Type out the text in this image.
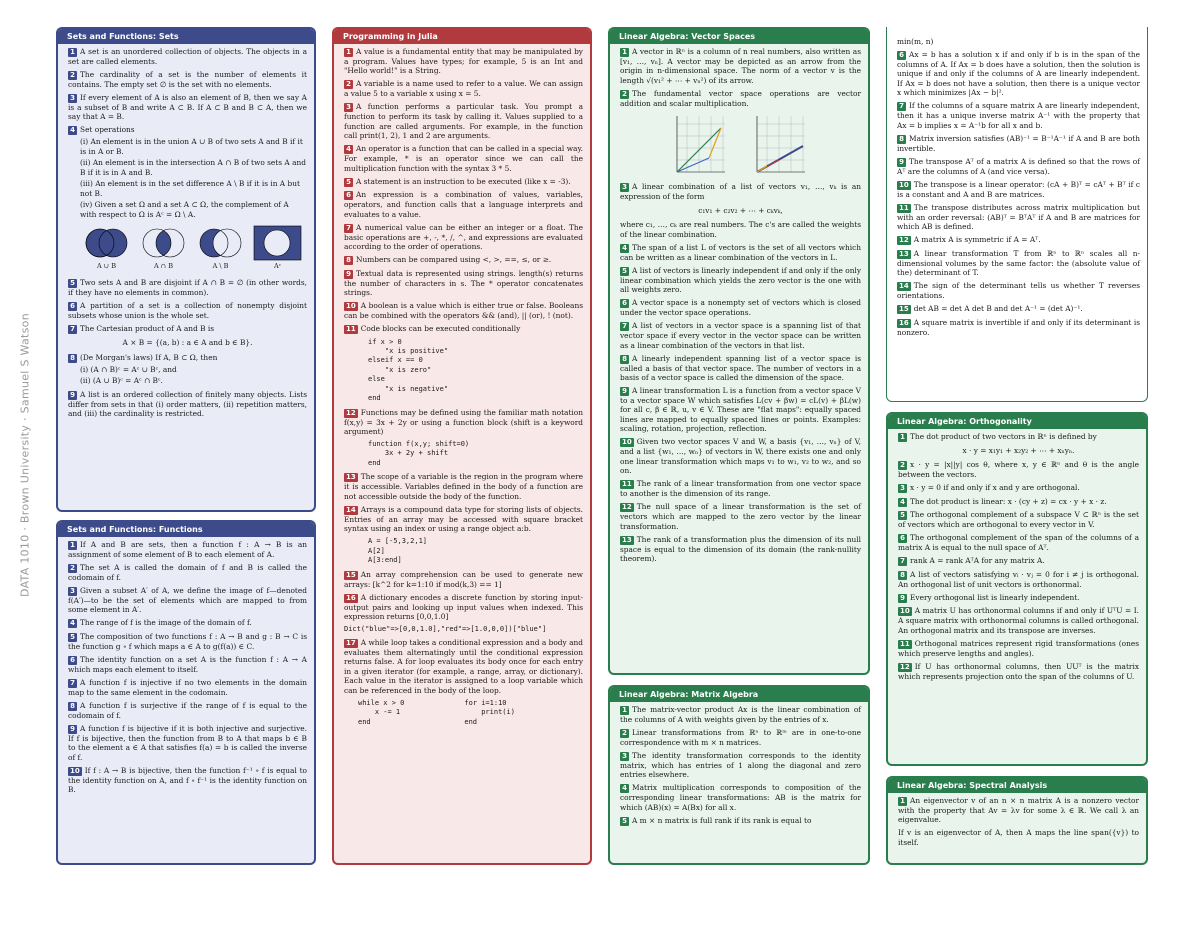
DATA 1010 · Brown University · Samuel S Watson
Sets and Functions: Sets
1 A set is an unordered collection of objects. The objects in a set are called elements.
2 The cardinality of a set is the number of elements it contains. The empty set ∅ is the set with no elements.
3 If every element of A is also an element of B, then we say A is a subset of B and write A ⊂ B. If A ⊂ B and B ⊂ A, then we say that A = B.
4 Set operations
(i) An element is in the union A ∪ B of two sets A and B if it is in A or B.
(ii) An element is in the intersection A ∩ B of two sets A and B if it is in A and B.
(iii) An element is in the set difference A \ B if it is in A but not B.
(iv) Given a set Ω and a set A ⊂ Ω, the complement of A with respect to Ω is Aᶜ = Ω \ A.
A ∪ B	A ∩ B	A \ B	Aᶜ
5 Two sets A and B are disjoint if A ∩ B = ∅ (in other words, if they have no elements in common).
6 A partition of a set is a collection of nonempty disjoint subsets whose union is the whole set.
7 The Cartesian product of A and B is
A × B = {(a, b) : a ∈ A and b ∈ B}.
8 (De Morgan's laws) If A, B ⊂ Ω, then
(i) (A ∩ B)ᶜ = Aᶜ ∪ Bᶜ, and
(ii) (A ∪ B)ᶜ = Aᶜ ∩ Bᶜ.
9 A list is an ordered collection of finitely many objects. Lists differ from sets in that (i) order matters, (ii) repetition matters, and (iii) the cardinality is restricted.
Sets and Functions: Functions
1 If A and B are sets, then a function f : A → B is an assignment of some element of B to each element of A.
2 The set A is called the domain of f and B is called the codomain of f.
3 Given a subset A′ of A, we define the image of f—denoted f(A′)—to be the set of elements which are mapped to from some element in A′.
4 The range of f is the image of the domain of f.
5 The composition of two functions f : A → B and g : B → C is the function g ∘ f which maps a ∈ A to g(f(a)) ∈ C.
6 The identity function on a set A is the function f : A → A which maps each element to itself.
7 A function f is injective if no two elements in the domain map to the same element in the codomain.
8 A function f is surjective if the range of f is equal to the codomain of f.
9 A function f is bijective if it is both injective and surjective. If f is bijective, then the function from B to A that maps b ∈ B to the element a ∈ A that satisfies f(a) = b is called the inverse of f.
10 If f : A → B is bijective, then the function f⁻¹ ∘ f is equal to the identity function on A, and f ∘ f⁻¹ is the identity function on B.
Programming in Julia
1 A value is a fundamental entity that may be manipulated by a program. Values have types; for example, 5 is an Int and "Hello world!" is a String.
2 A variable is a name used to refer to a value. We can assign a value 5 to a variable x using x = 5.
3 A function performs a particular task. You prompt a function to perform its task by calling it. Values supplied to a function are called arguments. For example, in the function call print(1, 2), 1 and 2 are arguments.
4 An operator is a function that can be called in a special way. For example, * is an operator since we can call the multiplication function with the syntax 3 * 5.
5 A statement is an instruction to be executed (like x = -3).
6 An expression is a combination of values, variables, operators, and function calls that a language interprets and evaluates to a value.
7 A numerical value can be either an integer or a float. The basic operations are +, -, *, /, ^, and expressions are evaluated according to the order of operations.
8 Numbers can be compared using <, >, ==, ≤, or ≥.
9 Textual data is represented using strings. length(s) returns the number of characters in s. The * operator concatenates strings.
10 A boolean is a value which is either true or false. Booleans can be combined with the operators && (and), || (or), ! (not).
11 Code blocks can be executed conditionally
if x > 0
"x is positive"
elseif x == 0
"x is zero"
else
"x is negative"
end
12 Functions may be defined using the familiar math notation f(x,y) = 3x + 2y or using a function block (shift is a keyword argument)
function f(x,y; shift=0)
3x + 2y + shift
end
13 The scope of a variable is the region in the program where it is accessible. Variables defined in the body of a function are not accessible outside the body of the function.
14 Arrays is a compound data type for storing lists of objects. Entries of an array may be accessed with square bracket syntax using an index or using a range object a:b.
A = [-5,3,2,1]
A[2]
A[3:end]
15 An array comprehension can be used to generate new arrays: [k^2 for k=1:10 if mod(k,3) == 1]
16 A dictionary encodes a discrete function by storing input-output pairs and looking up input values when indexed. This expression returns [0,0,1.0]
Dict("blue"=>[0,0,1.0],"red"=>[1.0,0,0])["blue"]
17 A while loop takes a conditional expression and a body and evaluates them alternatingly until the conditional expression returns false. A for loop evaluates its body once for each entry in a given iterator (for example, a range, array, or dictionary). Each value in the iterator is assigned to a loop variable which can be referenced in the body of the loop.
while x > 0
x -= 1
end
for i=1:10
print(i)
end
Linear Algebra: Vector Spaces
1 A vector in ℝⁿ is a column of n real numbers, also written as [v₁, …, vₙ]. A vector may be depicted as an arrow from the origin in n-dimensional space. The norm of a vector v is the length √(v₁² + ⋯ + vₙ²) of its arrow.
2 The fundamental vector space operations are vector addition and scalar multiplication.
3 A linear combination of a list of vectors v₁, …, vₖ is an expression of the form
c₁v₁ + c₂v₂ + ⋯ + cₖvₖ,
where c₁, …, cₖ are real numbers. The c's are called the weights of the linear combination.
4 The span of a list L of vectors is the set of all vectors which can be written as a linear combination of the vectors in L.
5 A list of vectors is linearly independent if and only if the only linear combination which yields the zero vector is the one with all weights zero.
6 A vector space is a nonempty set of vectors which is closed under the vector space operations.
7 A list of vectors in a vector space is a spanning list of that vector space if every vector in the vector space can be written as a linear combination of the vectors in that list.
8 A linearly independent spanning list of a vector space is called a basis of that vector space. The number of vectors in a basis of a vector space is called the dimension of the space.
9 A linear transformation L is a function from a vector space V to a vector space W which satisfies L(cv + βw) = cL(v) + βL(w) for all c, β ∈ ℝ, u, v ∈ V. These are "flat maps": equally spaced lines are mapped to equally spaced lines or points. Examples: scaling, rotation, projection, reflection.
10 Given two vector spaces V and W, a basis {v₁, …, vₙ} of V, and a list {w₁, …, wₙ} of vectors in W, there exists one and only one linear transformation which maps v₁ to w₁, v₂ to w₂, and so on.
11 The rank of a linear transformation from one vector space to another is the dimension of its range.
12 The null space of a linear transformation is the set of vectors which are mapped to the zero vector by the linear transformation.
13 The rank of a transformation plus the dimension of its null space is equal to the dimension of its domain (the rank-nullity theorem).
Linear Algebra: Matrix Algebra
1 The matrix-vector product Ax is the linear combination of the columns of A with weights given by the entries of x.
2 Linear transformations from ℝⁿ to ℝᵐ are in one-to-one correspondence with m × n matrices.
3 The identity transformation corresponds to the identity matrix, which has entries of 1 along the diagonal and zero entries elsewhere.
4 Matrix multiplication corresponds to composition of the corresponding linear transformations: AB is the matrix for which (AB)(x) = A(Bx) for all x.
5 A m × n matrix is full rank if its rank is equal to
min(m, n)
6 Ax = b has a solution x if and only if b is in the span of the columns of A. If Ax = b does have a solution, then the solution is unique if and only if the columns of A are linearly independent. If Ax = b does not have a solution, then there is a unique vector x which minimizes |Ax − b|².
7 If the columns of a square matrix A are linearly independent, then it has a unique inverse matrix A⁻¹ with the property that Ax = b implies x = A⁻¹b for all x and b.
8 Matrix inversion satisfies (AB)⁻¹ = B⁻¹A⁻¹ if A and B are both invertible.
9 The transpose Aᵀ of a matrix A is defined so that the rows of Aᵀ are the columns of A (and vice versa).
10 The transpose is a linear operator: (cA + B)ᵀ = cAᵀ + Bᵀ if c is a constant and A and B are matrices.
11 The transpose distributes across matrix multiplication but with an order reversal: (AB)ᵀ = BᵀAᵀ if A and B are matrices for which AB is defined.
12 A matrix A is symmetric if A = Aᵀ.
13 A linear transformation T from ℝⁿ to ℝⁿ scales all n-dimensional volumes by the same factor: the (absolute value of the) determinant of T.
14 The sign of the determinant tells us whether T reverses orientations.
15 det AB = det A det B and det A⁻¹ = (det A)⁻¹.
16 A square matrix is invertible if and only if its determinant is nonzero.
Linear Algebra: Orthogonality
1 The dot product of two vectors in ℝⁿ is defined by
x · y = x₁y₁ + x₂y₂ + ⋯ + xₙyₙ.
2 x · y = |x||y| cos θ, where x, y ∈ ℝⁿ and θ is the angle between the vectors.
3 x · y = 0 if and only if x and y are orthogonal.
4 The dot product is linear: x · (cy + z) = cx · y + x · z.
5 The orthogonal complement of a subspace V ⊂ ℝⁿ is the set of vectors which are orthogonal to every vector in V.
6 The orthogonal complement of the span of the columns of a matrix A is equal to the null space of Aᵀ.
7 rank A = rank AᵀA for any matrix A.
8 A list of vectors satisfying vᵢ · vⱼ = 0 for i ≠ j is orthogonal. An orthogonal list of unit vectors is orthonormal.
9 Every orthogonal list is linearly independent.
10 A matrix U has orthonormal columns if and only if UᵀU = I. A square matrix with orthonormal columns is called orthogonal. An orthogonal matrix and its transpose are inverses.
11 Orthogonal matrices represent rigid transformations (ones which preserve lengths and angles).
12 If U has orthonormal columns, then UUᵀ is the matrix which represents projection onto the span of the columns of U.
Linear Algebra: Spectral Analysis
1 An eigenvector v of an n × n matrix A is a nonzero vector with the property that Av = λv for some λ ∈ ℝ. We call λ an eigenvalue.
If v is an eigenvector of A, then A maps the line span({v}) to itself.
